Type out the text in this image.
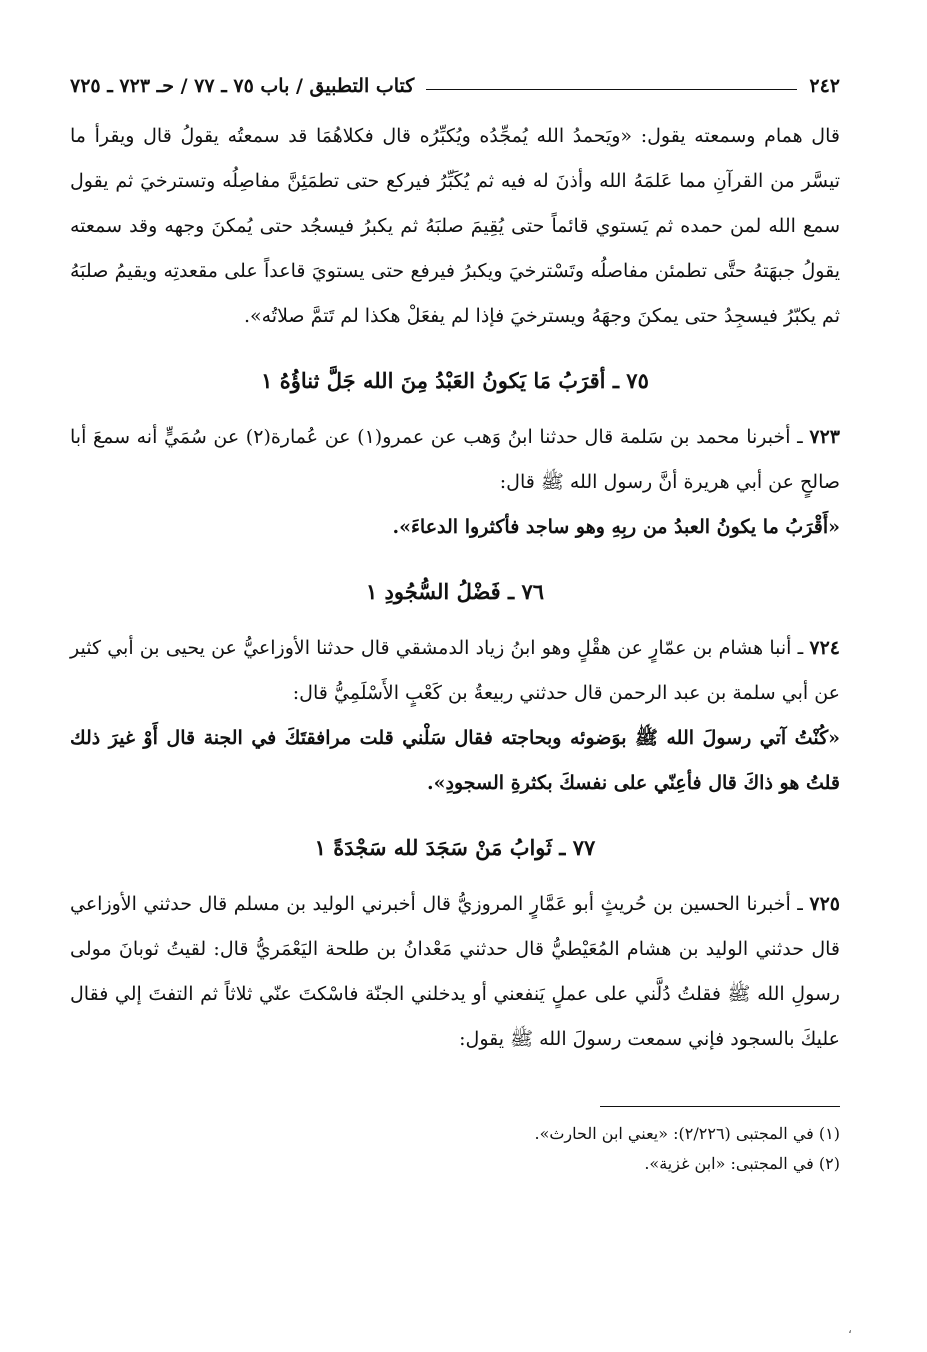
٢٤٢
كتاب التطبيق / باب ٧٥ ـ ٧٧ / حـ ٧٢٣ ـ ٧٢٥

قال همام وسمعته يقول: «ويَحمدُ الله يُمجِّدُه ويُكبِّرُه قال فكلاهُمَا قد سمعتُه يقولُ قال ويقرأ ما تيسَّر من القرآنِ مما عَلمَهُ الله وأذنَ له فيه ثم يُكَبِّرُ فيركع حتى تطمَئِنَّ مفاصِلُه وتسترخيَ ثم يقول سمع الله لمن حمده ثم يَستوي قائماً حتى يُقِيمَ صلبَهُ ثم يكبرُ فيسجُد حتى يُمكنَ وجهه وقد سمعته يقولُ جبهَتهُ حتَّى تطمئن مفاصلُه وتَسْترخيَ ويكبرُ فيرفع حتى يستويَ قاعداً على مقعدتِه ويقيمُ صلبَهُ ثم يكبّرُ فيسجِدُ حتى يمكنَ وجهَهُ ويسترخيَ فإذا لم يفعَلْ هكذا لم تَتمَّ صلاتُه».

٧٥ ـ أقرَبُ مَا يَكونُ العَبْدُ مِنَ الله جَلَّ ثناؤُهُ ١

٧٢٣ ـ أخبرنا محمد بن سَلمة قال حدثنا ابنُ وَهب عن عمرو(١) عن عُمارة(٢) عن سُمَيٍّ أنه سمعَ أبا صالحٍ عن أبي هريرة أنَّ رسول الله ﷺ قال:

«أَقْرَبُ ما يكونُ العبدُ من ربِهِ وهو ساجد فأكثروا الدعاءَ».

٧٦ ـ فَضْلُ السُّجُودِ ١

٧٢٤ ـ أنبا هشام بن عمّارٍ عن هقْلٍ وهو ابنُ زياد الدمشقي قال حدثنا الأوزاعيُّ عن يحيى بن أبي كثير عن أبي سلمة بن عبد الرحمن قال حدثني ربيعةُ بن كَعْبٍ الأَسْلَمِيُّ قال:

«كُنْتُ آتي رسولَ الله ﷺ بوَضوئه وبحاجته فقال سَلْني قلت مرافقتَكَ في الجنة قال أَوْ غيرَ ذلك قلتُ هو ذاكَ قال فأعِنّي على نفسكَ بكثرةِ السجودِ».

٧٧ ـ ثَوابُ مَنْ سَجَدَ لله سَجْدَةً ١

٧٢٥ ـ أخبرنا الحسين بن حُريثٍ أبو عَمَّارٍ المروزيُّ قال أخبرني الوليد بن مسلم قال حدثني الأوزاعي قال حدثني الوليد بن هشام المُعَيْطيُّ قال حدثني مَعْدانُ بن طلحة اليَعْمَريُّ قال: لقيتُ ثوبانَ مولى رسولِ الله ﷺ فقلتُ دُلَّني على عملٍ يَنفعني أو يدخلني الجنّة فاسْكتَ عنّي ثلاثاً ثم التفتَ إلي فقال عليكَ بالسجود فإني سمعت رسولَ الله ﷺ يقول:

(١) في المجتبى (٢/٢٢٦): «يعني ابن الحارث».

(٢) في المجتبى: «ابن غزية».

،
